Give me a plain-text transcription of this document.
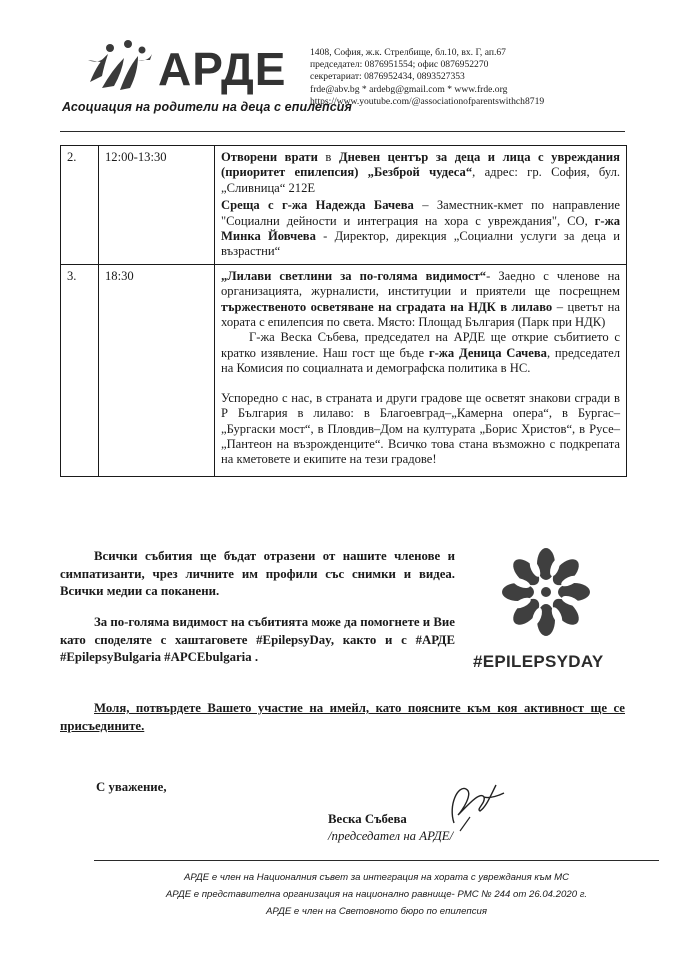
АРДЕ
Асоциация на родители на деца с епилепсия
1408, София, ж.к. Стрелбище, бл.10, вх. Г, ап.67
председател: 0876951554; офис 0876952270
секретариат: 0876952434, 0893527353
frde@abv.bg * ardebg@gmail.com * www.frde.org
https://www.youtube.com/@associationofparentswithch8719
2.	12:00-13:30	Отворени врати в Дневен център за деца и лица с увреждания (приоритет епилепсия) „Безброй чудеса“, адрес: гр. София, бул. „Сливница“ 212Е

Среща с г-жа Надежда Бачева – Заместник-кмет по направление "Социални дейности и интеграция на хора с увреждания", СО, г-жа Минка Йовчева - Директор, дирекция „Социални услуги за деца и възрастни“

3.	18:30	„Лилави светлини за по-голяма видимост“- Заедно с членове на организацията, журналисти, институции и приятели ще посрещнем тържественото осветяване на сградата на НДК в лилаво – цветът на хората с епилепсия по света. Място: Площад България (Парк при НДК)

Г-жа Веска Събева, председател на АРДЕ ще открие събитието с кратко изявление. Наш гост ще бъде г-жа Деница Сачева, председател на Комисия по социалната и демографска политика в НС.

Успоредно с нас, в страната и други градове ще осветят знакови сгради в Р България в лилаво: в Благоевград–„Камерна опера“, в Бургас–„Бургаски мост“, в Пловдив–Дом на културата „Борис Христов“, в Русе–„Пантеон на възрожденците“. Всичко това стана възможно с подкрепата на кметовете и екипите на тези градове!

Всички събития ще бъдат отразени от нашите членове и симпатизанти, чрез личните им профили със снимки и видеа. Всички медии са поканени.
За по-голяма видимост на събитията може да помогнете и Вие като споделяте с хаштаговете #EpilepsyDay, както и с #АРДЕ #EpilepsyBulgaria #APCEbulgaria .	#EPILEPSYDAY
Моля, потвърдете Вашето участие на имейл, като поясните към коя активност ще се присъедините.
С уважение,
Веска Събева
/председател на АРДЕ/
АРДЕ е член на Националния съвет за интеграция на хората с увреждания към МС
АРДЕ е представителна организация на национално равнище- РМС № 244 от 26.04.2020 г.
АРДЕ е член на Световното бюро по епилепсия
